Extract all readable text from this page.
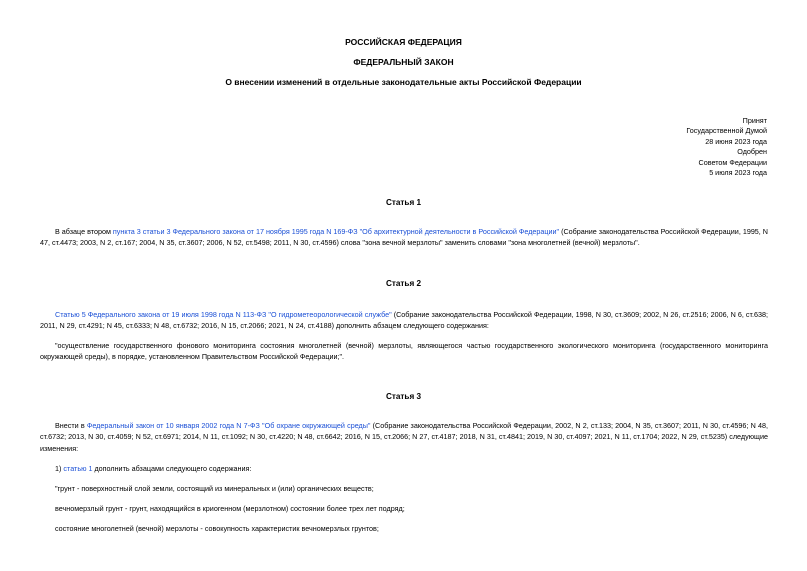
РОССИЙСКАЯ ФЕДЕРАЦИЯ
ФЕДЕРАЛЬНЫЙ ЗАКОН
О внесении изменений в отдельные законодательные акты Российской Федерации
Принят
Государственной Думой
28 июня 2023 года
Одобрен
Советом Федерации
5 июля 2023 года
Статья 1
В абзаце втором пункта 3 статьи 3 Федерального закона от 17 ноября 1995 года N 169-ФЗ "Об архитектурной деятельности в Российской Федерации" (Собрание законодательства Российской Федерации, 1995, N 47, ст.4473; 2003, N 2, ст.167; 2004, N 35, ст.3607; 2006, N 52, ст.5498; 2011, N 30, ст.4596) слова "зона вечной мерзлоты" заменить словами "зона многолетней (вечной) мерзлоты".
Статья 2
Статью 5 Федерального закона от 19 июля 1998 года N 113-ФЗ "О гидрометеорологической службе" (Собрание законодательства Российской Федерации, 1998, N 30, ст.3609; 2002, N 26, ст.2516; 2006, N 6, ст.638; 2011, N 29, ст.4291; N 45, ст.6333; N 48, ст.6732; 2016, N 15, ст.2066; 2021, N 24, ст.4188) дополнить абзацем следующего содержания:
"осуществление государственного фонового мониторинга состояния многолетней (вечной) мерзлоты, являющегося частью государственного экологического мониторинга (государственного мониторинга окружающей среды), в порядке, установленном Правительством Российской Федерации;".
Статья 3
Внести в Федеральный закон от 10 января 2002 года N 7-ФЗ "Об охране окружающей среды" (Собрание законодательства Российской Федерации, 2002, N 2, ст.133; 2004, N 35, ст.3607; 2011, N 30, ст.4596; N 48, ст.6732; 2013, N 30, ст.4059; N 52, ст.6971; 2014, N 11, ст.1092; N 30, ст.4220; N 48, ст.6642; 2016, N 15, ст.2066; N 27, ст.4187; 2018, N 31, ст.4841; 2019, N 30, ст.4097; 2021, N 11, ст.1704; 2022, N 29, ст.5235) следующие изменения:
1) статью 1 дополнить абзацами следующего содержания:
"грунт - поверхностный слой земли, состоящий из минеральных и (или) органических веществ;
вечномерзлый грунт - грунт, находящийся в криогенном (мерзлотном) состоянии более трех лет подряд;
состояние многолетней (вечной) мерзлоты - совокупность характеристик вечномерзлых грунтов;
